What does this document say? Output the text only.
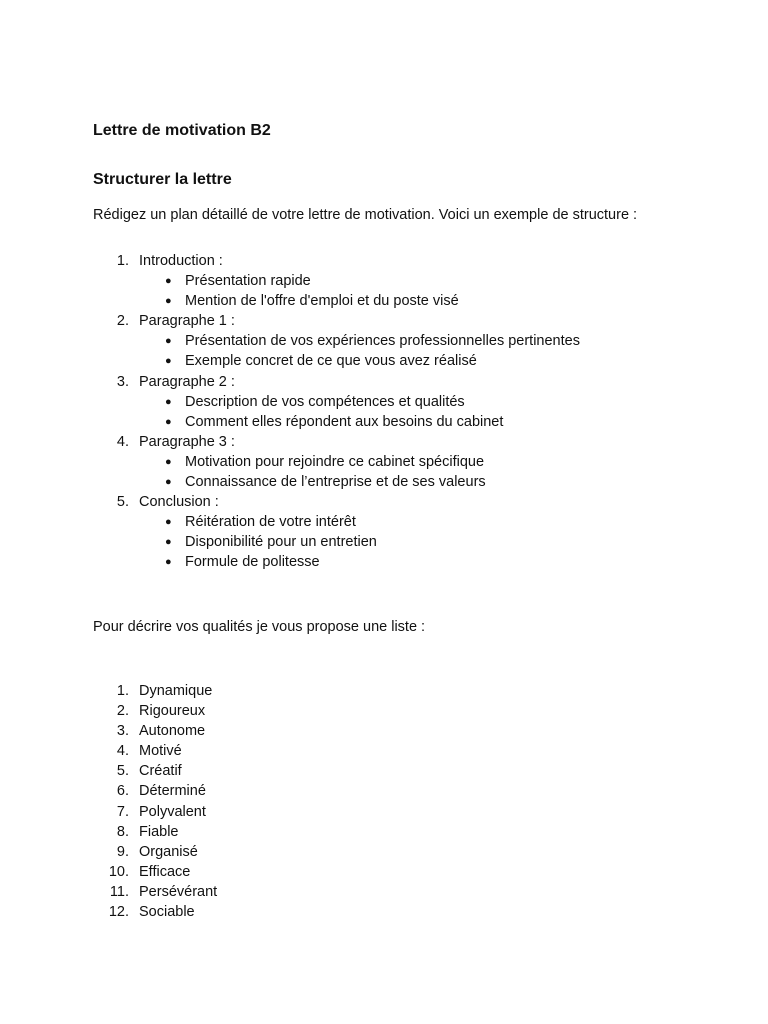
Lettre de motivation B2
Structurer la lettre

Rédigez un plan détaillé de votre lettre de motivation. Voici un exemple de structure :

1. Introduction :
● Présentation rapide
● Mention de l'offre d'emploi et du poste visé
2. Paragraphe 1 :
● Présentation de vos expériences professionnelles pertinentes
● Exemple concret de ce que vous avez réalisé
3. Paragraphe 2 :
● Description de vos compétences et qualités
● Comment elles répondent aux besoins du cabinet
4. Paragraphe 3 :
● Motivation pour rejoindre ce cabinet spécifique
● Connaissance de l’entreprise et de ses valeurs
5. Conclusion :
● Réitération de votre intérêt
● Disponibilité pour un entretien
● Formule de politesse

Pour décrire vos qualités je vous propose une liste :

1. Dynamique
2. Rigoureux
3. Autonome
4. Motivé
5. Créatif
6. Déterminé
7. Polyvalent
8. Fiable
9. Organisé
10. Efficace
11. Persévérant
12. Sociable
